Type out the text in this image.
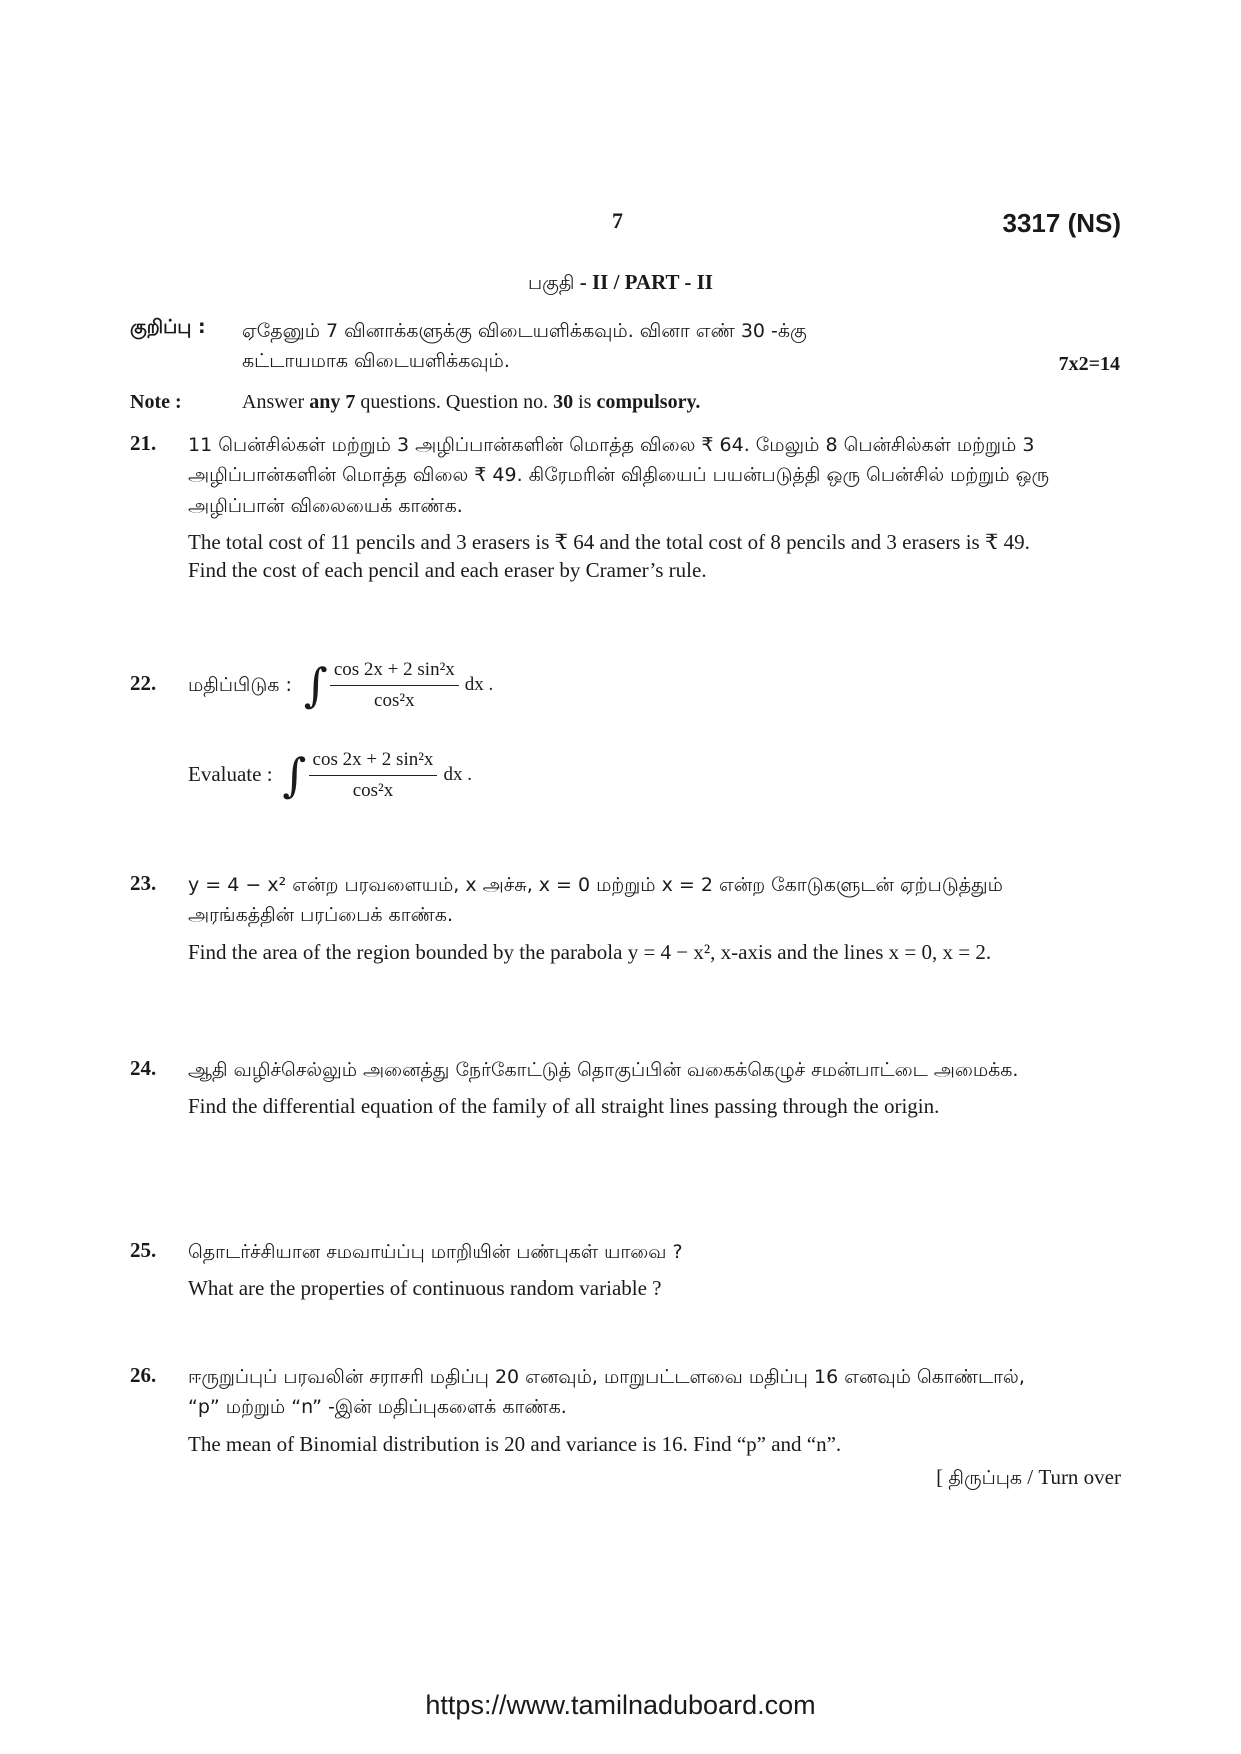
7	3317 (NS)
பகுதி - II / PART - II
குறிப்பு :	ஏதேனும் 7 வினாக்களுக்கு விடையளிக்கவும். வினா எண் 30 -க்கு
கட்டாயமாக விடையளிக்கவும்.	7x2=14
Note :	Answer any 7 questions. Question no. 30 is compulsory.
21.	11 பென்சில்கள் மற்றும் 3 அழிப்பான்களின் மொத்த விலை ₹ 64. மேலும் 8 பென்சில்கள் மற்றும் 3 அழிப்பான்களின் மொத்த விலை ₹ 49. கிரேமரின் விதியைப் பயன்படுத்தி ஒரு பென்சில் மற்றும் ஒரு அழிப்பான் விலையைக் காண்க.

The total cost of 11 pencils and 3 erasers is ₹ 64 and the total cost of 8 pencils and 3 erasers is ₹ 49. Find the cost of each pencil and each eraser by Cramer’s rule.

22.	மதிப்பிடுக : ∫ $\frac{\text{cos 2x + 2 sin²x}}{\text{cos²x}}$ dx .
Evaluate : ∫ $\frac{\text{cos 2x + 2 sin²x}}{\text{cos²x}}$ dx .
23.	y = 4 − x² என்ற பரவளையம், x அச்சு, x = 0 மற்றும் x = 2 என்ற கோடுகளுடன் ஏற்படுத்தும் அரங்கத்தின் பரப்பைக் காண்க.

Find the area of the region bounded by the parabola y = 4 − x², x-axis and the lines x = 0, x = 2.

24.	ஆதி வழிச்செல்லும் அனைத்து நேர்கோட்டுத் தொகுப்பின் வகைக்கெழுச் சமன்பாட்டை அமைக்க.

Find the differential equation of the family of all straight lines passing through the origin.

25.	தொடர்ச்சியான சமவாய்ப்பு மாறியின் பண்புகள் யாவை ?

What are the properties of continuous random variable ?

26.	ஈருறுப்புப் பரவலின் சராசரி மதிப்பு 20 எனவும், மாறுபட்டளவை மதிப்பு 16 எனவும் கொண்டால், “p” மற்றும் “n” -இன் மதிப்புகளைக் காண்க.

The mean of Binomial distribution is 20 and variance is 16. Find “p” and “n”.

[ திருப்புக / Turn over
https://www.tamilnaduboard.com
